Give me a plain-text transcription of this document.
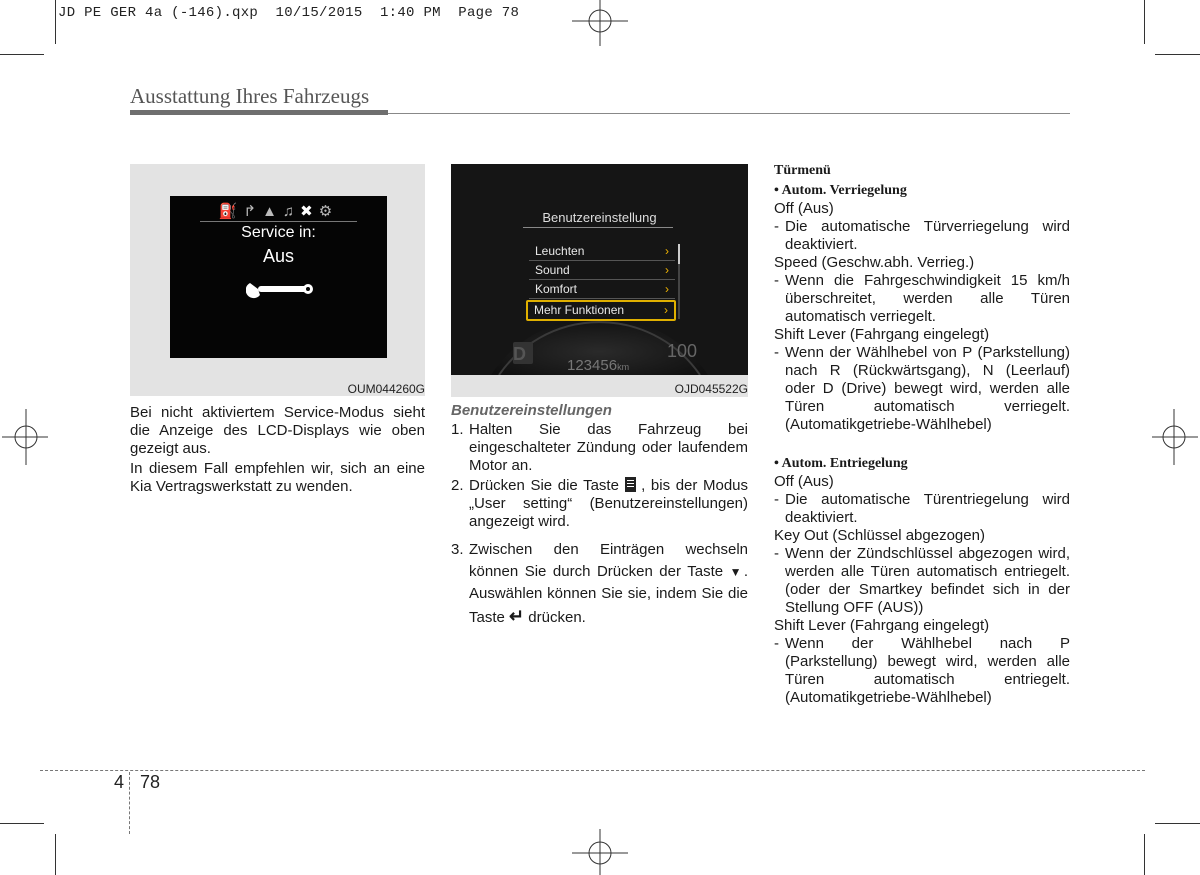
JD PE GER 4a (-146).qxp  10/15/2015  1:40 PM  Page 78
Ausstattung Ihres Fahrzeugs
⛽↱▲♫✖⚙
Service in:
Aus
OUM044260G
Benutzereinstellung
Leuchten	›
Sound	›
Komfort	›
Mehr Funktionen	›
D
123456km
100
OJD045522G

Bei nicht aktiviertem Service-Modus sieht die Anzeige des LCD-Displays wie oben gezeigt aus.

In diesem Fall empfehlen wir, sich an eine Kia Vertragswerkstatt zu wenden.

Benutzereinstellungen
1. Halten Sie das Fahrzeug bei eingeschalteter Zündung oder laufendem Motor an.
2. Drücken Sie die Taste , bis der Modus „User setting“ (Benutzereinstellungen) angezeigt wird.
3. Zwischen den Einträgen wechseln können Sie durch Drücken der Taste ▼. Auswählen können Sie sie, indem Sie die Taste ↵ drücken.
Türmenü
• Autom. Verriegelung

Off (Aus)

- Die automatische Türverriegelung wird deaktiviert.

Speed (Geschw.abh. Verrieg.)

- Wenn die Fahrgeschwindigkeit 15 km/h überschreitet, werden alle Türen automatisch verriegelt.

Shift Lever (Fahrgang eingelegt)

- Wenn der Wählhebel von P (Parkstellung) nach R (Rückwärtsgang), N (Leerlauf) oder D (Drive) bewegt wird, werden alle Türen automatisch verriegelt. (Automatikgetriebe-Wählhebel)
• Autom. Entriegelung

Off (Aus)

- Die automatische Türentriegelung wird deaktiviert.

Key Out (Schlüssel abgezogen)

- Wenn der Zündschlüssel abgezogen wird, werden alle Türen automatisch entriegelt. (oder der Smartkey befindet sich in der Stellung OFF (AUS))

Shift Lever (Fahrgang eingelegt)

- Wenn der Wählhebel nach P (Parkstellung) bewegt wird, werden alle Türen automatisch entriegelt. (Automatikgetriebe-Wählhebel)
4 78
